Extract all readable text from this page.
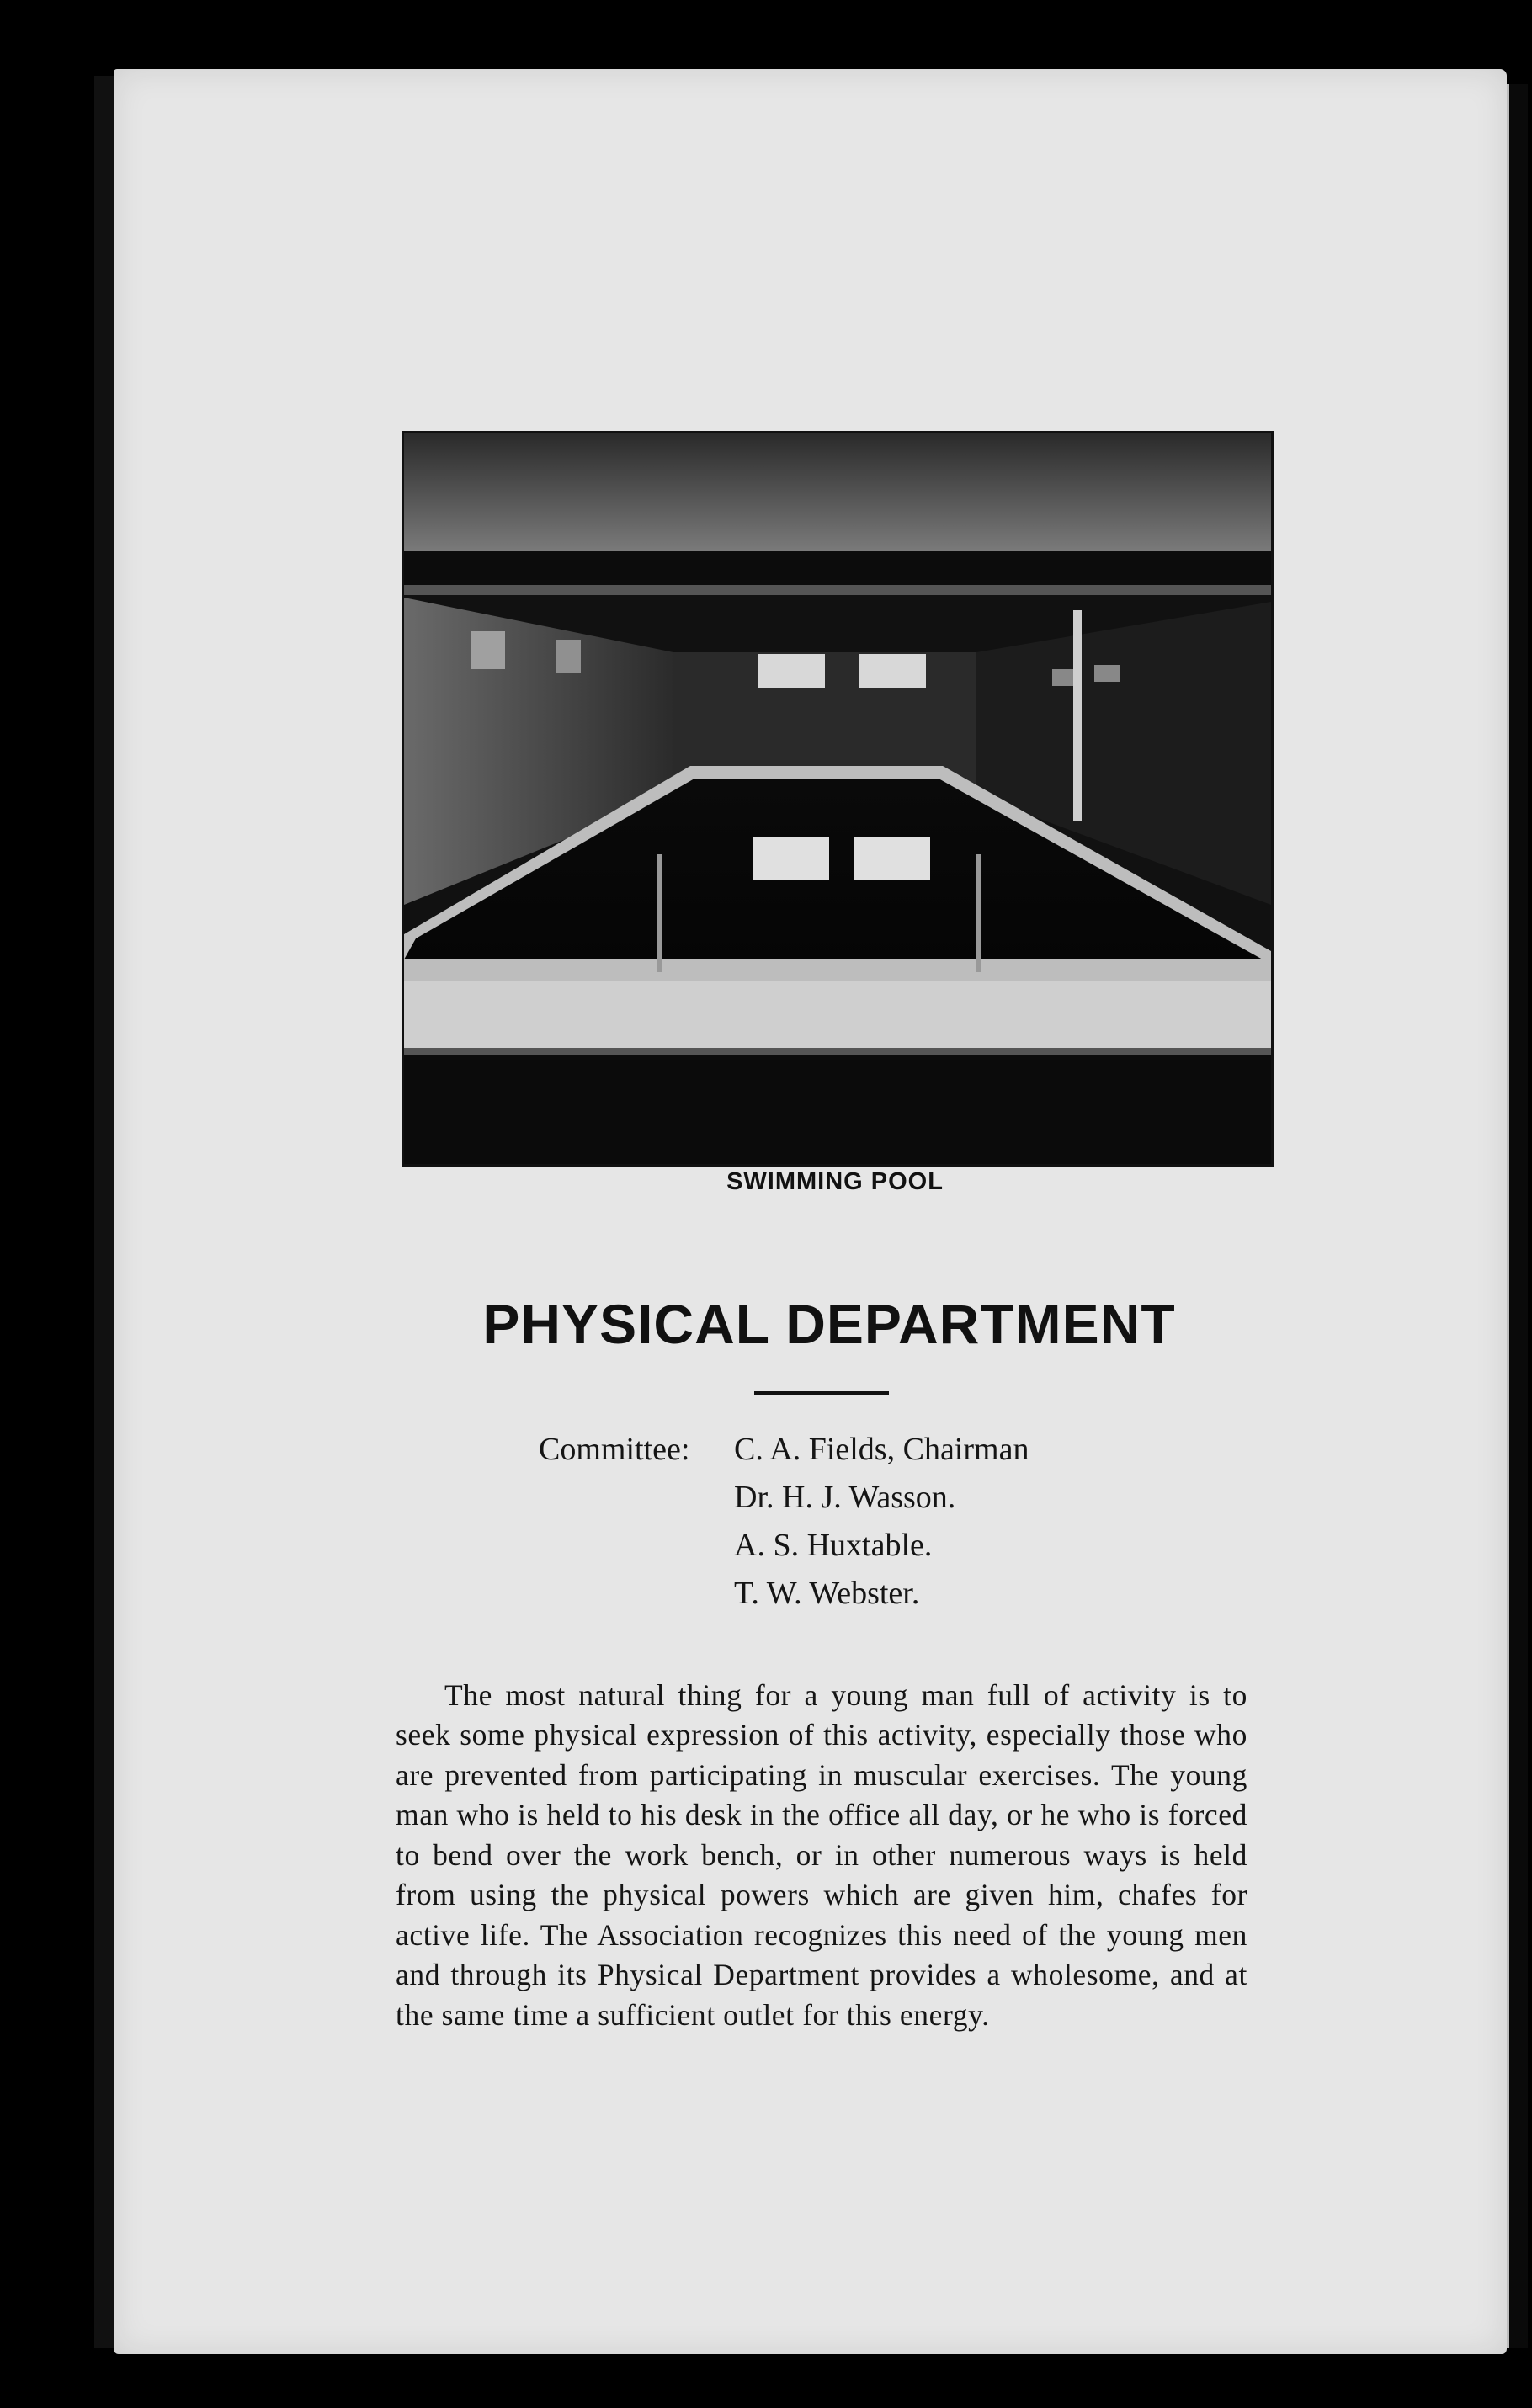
SWIMMING POOL
PHYSICAL DEPARTMENT
Committee: C. A. Fields, Chairman
Dr. H. J. Wasson.
A. S. Huxtable.
T. W. Webster.

The most natural thing for a young man full of activity is to seek some physical expression of this activity, especially those who are prevented from participating in muscular exercises. The young man who is held to his desk in the office all day, or he who is forced to bend over the work bench, or in other numerous ways is held from using the physical powers which are given him, chafes for active life. The Association recognizes this need of the young men and through its Physical Department provides a wholesome, and at the same time a sufficient outlet for this energy.
